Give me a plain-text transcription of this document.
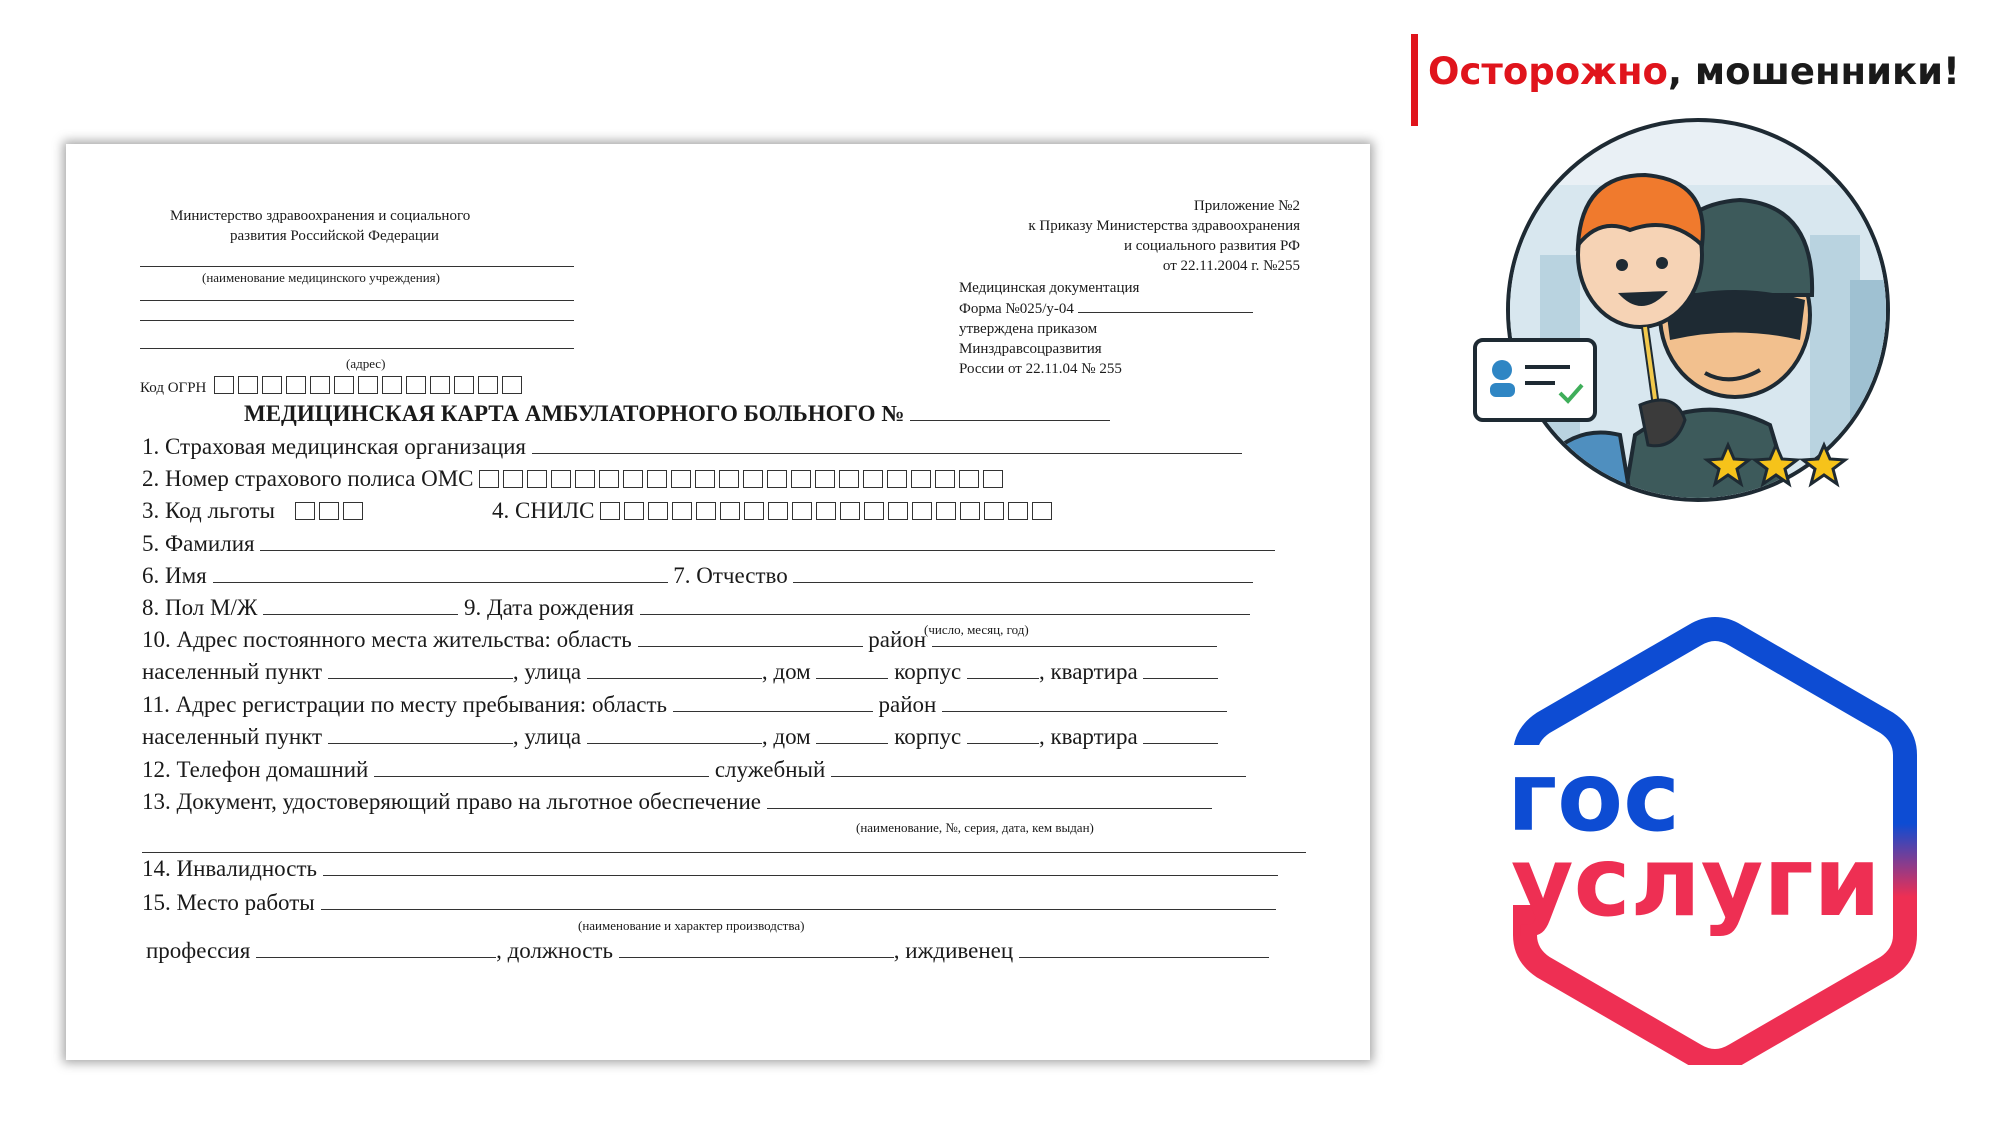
Министерство здравоохранения и социального
развития Российской Федерации
(наименование медицинского учреждения)
(адрес)
Код ОГРН
Приложение №2
к Приказу Министерства здравоохранения
и социального развития РФ
от 22.11.2004 г. №255
Медицинская документация
Форма №025/у-04
утверждена приказом
Минздравсоцразвития
России от 22.11.04 № 255
МЕДИЦИНСКАЯ КАРТА АМБУЛАТОРНОГО БОЛЬНОГО №
1. Страховая медицинская организация
2. Номер страхового полиса ОМС
3. Код льготы	4. СНИЛС
5. Фамилия
6. Имя	7. Отчество
8. Пол М/Ж	9. Дата рождения
(число, месяц, год)
10. Адрес постоянного места жительства: область	район
населенный пункт	, улица	, дом	корпус	, квартира
11. Адрес регистрации по месту пребывания: область	район
населенный пункт	, улица	, дом	корпус	, квартира
12. Телефон домашний	служебный
13. Документ, удостоверяющий право на льготное обеспечение
(наименование, №, серия, дата, кем выдан)
14. Инвалидность
15. Место работы
(наименование и характер производства)
профессия	, должность	, иждивенец
Осторожно, мошенники!
гос
услуги
